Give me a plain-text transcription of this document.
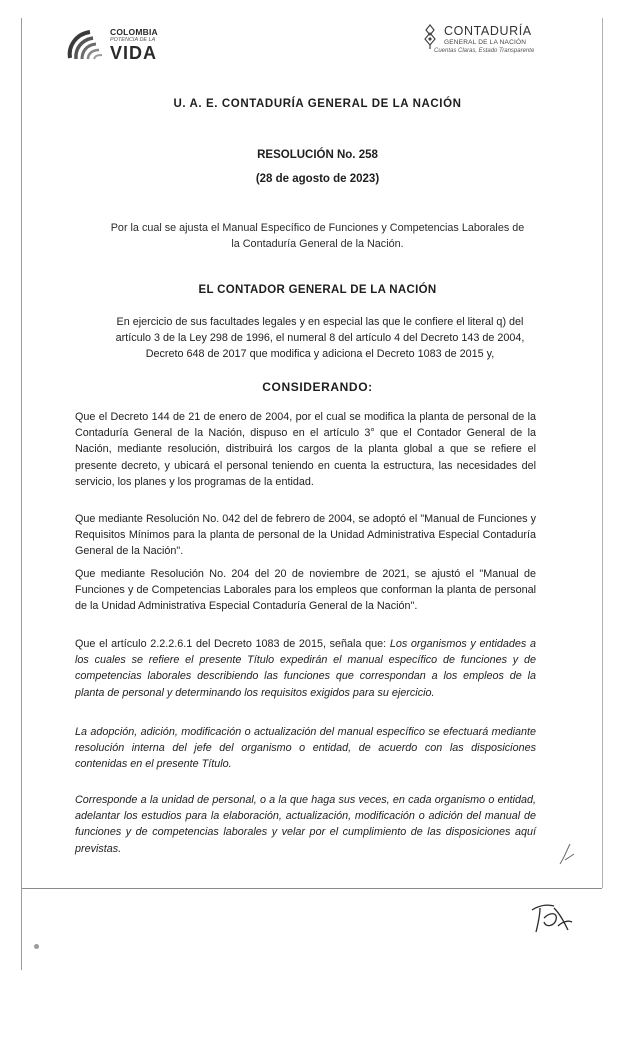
COLOMBIA
POTENCIA DE LA
VIDA
CONTADURÍA
GENERAL DE LA NACIÓN
Cuentas Claras, Estado Transparente
U. A. E. CONTADURÍA GENERAL DE LA NACIÓN
RESOLUCIÓN No. 258
(28 de agosto de 2023)
Por la cual se ajusta el Manual Específico de Funciones y Competencias Laborales de la Contaduría General de la Nación.
EL CONTADOR GENERAL DE LA NACIÓN
En ejercicio de sus facultades legales y en especial las que le confiere el literal q) del artículo 3 de la Ley 298 de 1996, el numeral 8 del artículo 4 del Decreto 143 de 2004, Decreto 648 de 2017 que modifica y adiciona el Decreto 1083 de 2015 y,
CONSIDERANDO:
Que el Decreto 144 de 21 de enero de 2004, por el cual se modifica la planta de personal de la Contaduría General de la Nación, dispuso en el artículo 3° que el Contador General de la Nación, mediante resolución, distribuirá los cargos de la planta global a que se refiere el presente decreto, y ubicará el personal teniendo en cuenta la estructura, las necesidades del servicio, los planes y los programas de la entidad.
Que mediante Resolución No. 042 del de febrero de 2004, se adoptó el "Manual de Funciones y Requisitos Mínimos para la planta de personal de la Unidad Administrativa Especial Contaduría General de la Nación".
Que mediante Resolución No. 204 del 20 de noviembre de 2021, se ajustó el "Manual de Funciones y de Competencias Laborales para los empleos que conforman la planta de personal de la Unidad Administrativa Especial Contaduría General de la Nación".
Que el artículo 2.2.2.6.1 del Decreto 1083 de 2015, señala que: Los organismos y entidades a los cuales se refiere el presente Título expedirán el manual específico de funciones y de competencias laborales describiendo las funciones que correspondan a los empleos de la planta de personal y determinando los requisitos exigidos para su ejercicio.
La adopción, adición, modificación o actualización del manual específico se efectuará mediante resolución interna del jefe del organismo o entidad, de acuerdo con las disposiciones contenidas en el presente Título.
Corresponde a la unidad de personal, o a la que haga sus veces, en cada organismo o entidad, adelantar los estudios para la elaboración, actualización, modificación o adición del manual de funciones y de competencias laborales y velar por el cumplimiento de las disposiciones aquí previstas.
